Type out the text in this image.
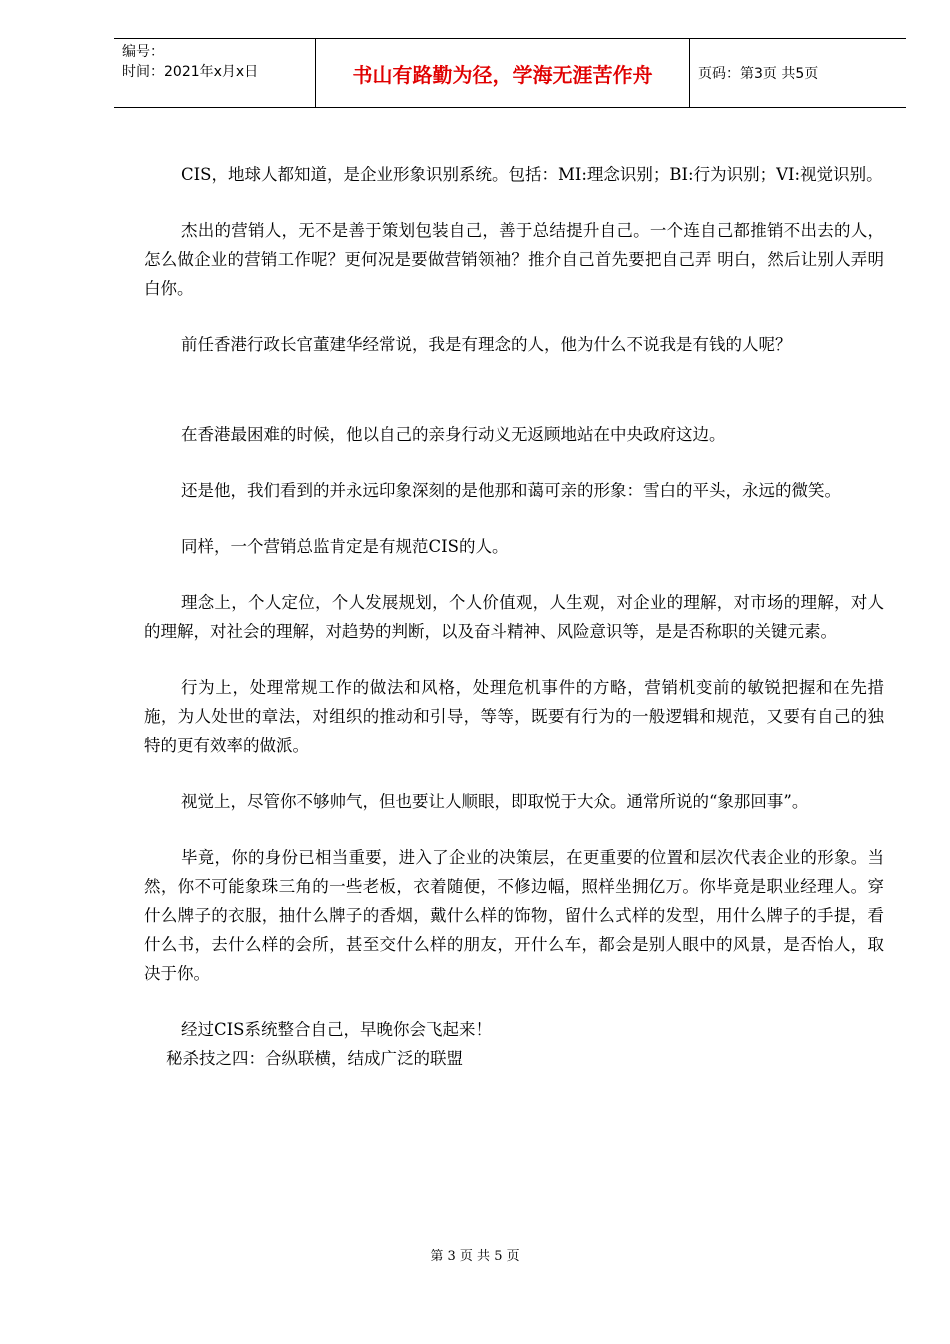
编号：
时间：2021年x月x日	书山有路勤为径，学海无涯苦作舟	页码：第3页 共5页

CIS，地球人都知道，是企业形象识别系统。包括：MI:理念识别；BI:行为识别；VI:视觉识别。

杰出的营销人，无不是善于策划包装自己，善于总结提升自己。一个连自己都推销不出去的人，怎么做企业的营销工作呢？更何况是要做营销领袖？推介自己首先要把自己弄 明白，然后让别人弄明白你。

前任香港行政长官董建华经常说，我是有理念的人，他为什么不说我是有钱的人呢？

在香港最困难的时候，他以自己的亲身行动义无返顾地站在中央政府这边。

还是他，我们看到的并永远印象深刻的是他那和蔼可亲的形象：雪白的平头，永远的微笑。

同样，一个营销总监肯定是有规范CIS的人。

理念上，个人定位，个人发展规划，个人价值观，人生观，对企业的理解，对市场的理解，对人的理解，对社会的理解，对趋势的判断，以及奋斗精神、风险意识等，是是否称职的关键元素。

行为上，处理常规工作的做法和风格，处理危机事件的方略，营销机变前的敏锐把握和在先措施，为人处世的章法，对组织的推动和引导，等等，既要有行为的一般逻辑和规范，又要有自己的独特的更有效率的做派。

视觉上，尽管你不够帅气，但也要让人顺眼，即取悦于大众。通常所说的“象那回事”。

毕竟，你的身份已相当重要，进入了企业的决策层，在更重要的位置和层次代表企业的形象。当然，你不可能象珠三角的一些老板，衣着随便，不修边幅，照样坐拥亿万。你毕竟是职业经理人。穿什么牌子的衣服，抽什么牌子的香烟，戴什么样的饰物，留什么式样的发型，用什么牌子的手提，看什么书，去什么样的会所，甚至交什么样的朋友，开什么车，都会是别人眼中的风景，是否怡人，取决于你。

经过CIS系统整合自己，早晚你会飞起来！

秘杀技之四：合纵联横，结成广泛的联盟

第 3 页 共 5 页
